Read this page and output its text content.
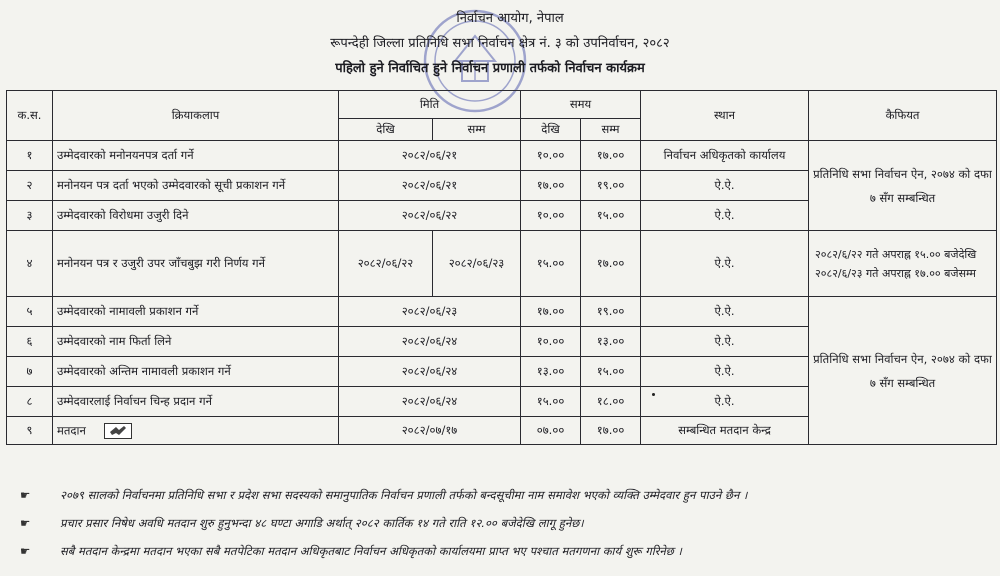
निर्वाचन आयोग, नेपाल
रूपन्देही जिल्ला प्रतिनिधि सभा निर्वाचन क्षेत्र नं. ३ को उपनिर्वाचन, २०८२
पहिलो हुने निर्वाचित हुने निर्वाचन प्रणाली तर्फको निर्वाचन कार्यक्रम
क.स.	क्रियाकलाप	मिति		समय		स्थान	कैफियत	
		देखि	सम्म	देखि	सम्म			
१	उम्मेदवारको मनोनयनपत्र दर्ता गर्ने	२०८२/०६/२१		१०.००	१७.००	निर्वाचन अधिकृतको कार्यालय	प्रतिनिधि सभा निर्वाचन ऐन, २०७४ को दफा ७ सँग सम्बन्धित	
२	मनोनयन पत्र दर्ता भएको उम्मेदवारको सूची प्रकाशन गर्ने	२०८२/०६/२१		१७.००	१९.००	ऐ.ऐ.		
३	उम्मेदवारको विरोधमा उजुरी दिने	२०८२/०६/२२		१०.००	१५.००	ऐ.ऐ.		
४	मनोनयन पत्र र उजुरी उपर जाँचबुझ गरी निर्णय गर्ने	२०८२/०६/२२	२०८२/०६/२३	१५.००	१७.००	ऐ.ऐ.	२०८२/६/२२ गते अपराह्न १५.०० बजेदेखि २०८२/६/२३ गते अपराह्न १७.०० बजेसम्म	
५	उम्मेदवारको नामावली प्रकाशन गर्ने	२०८२/०६/२३		१७.००	१९.००	ऐ.ऐ.	प्रतिनिधि सभा निर्वाचन ऐन, २०७४ को दफा ७ सँग सम्बन्धित	
६	उम्मेदवारको नाम फिर्ता लिने	२०८२/०६/२४		१०.००	१३.००	ऐ.ऐ.		
७	उम्मेदवारको अन्तिम नामावली प्रकाशन गर्ने	२०८२/०६/२४		१३.००	१५.००	ऐ.ऐ.		
८	उम्मेदवारलाई निर्वाचन चिन्ह प्रदान गर्ने	२०८२/०६/२४		१५.००	१८.००	ऐ.ऐ.		
९	मतदान	२०८२/०७/१७		०७.००	१७.००	सम्बन्धित मतदान केन्द्र		
☛	२०७९ सालको निर्वाचनमा प्रतिनिधि सभा र प्रदेश सभा सदस्यको समानुपातिक निर्वाचन प्रणाली तर्फको बन्दसूचीमा नाम समावेश भएको व्यक्ति उम्मेदवार हुन पाउने छैन ।
☛	प्रचार प्रसार निषेध अवधि मतदान शुरु हुनुभन्दा ४८ घण्टा अगाडि अर्थात् २०८२ कार्तिक १४ गते राति १२.०० बजेदेखि लागू हुनेछ।
☛	सबै मतदान केन्द्रमा मतदान भएका सबै मतपेटिका मतदान अधिकृतबाट निर्वाचन अधिकृतको कार्यालयमा प्राप्त भए पश्चात मतगणना कार्य शुरू गरिनेछ ।
